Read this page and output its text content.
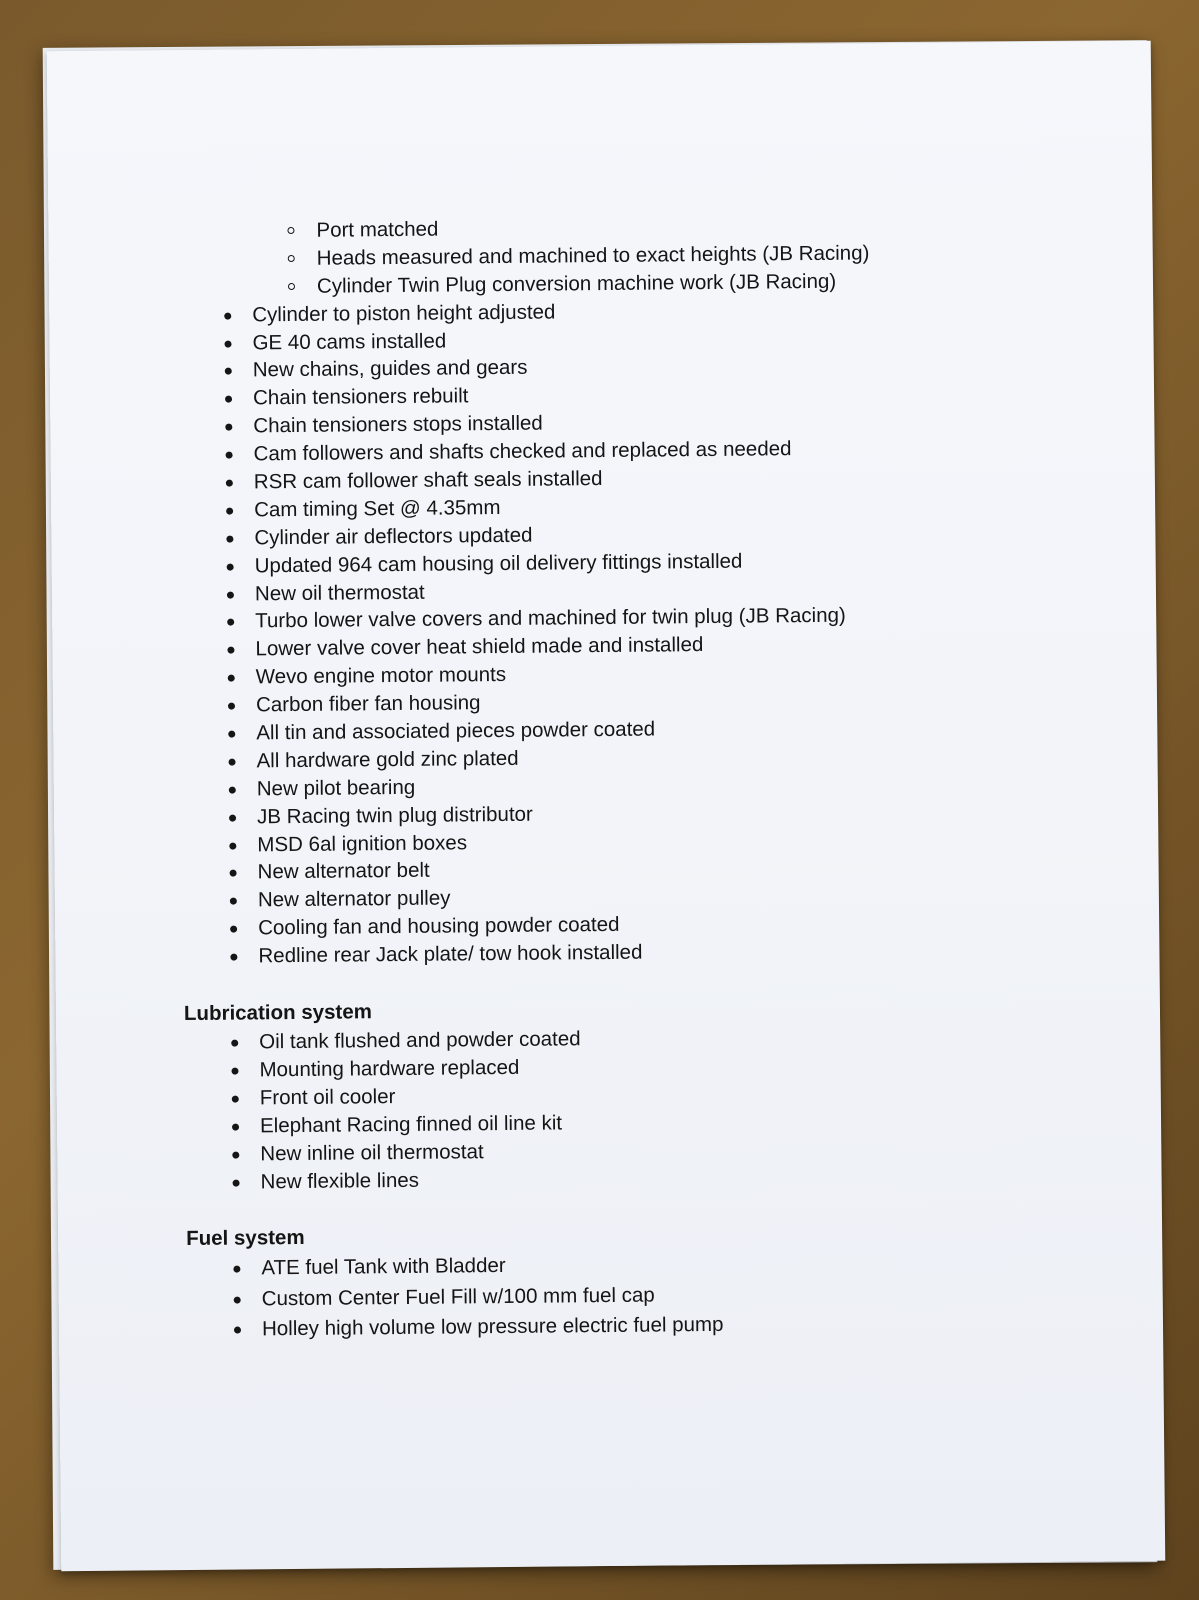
Port matched
Heads measured and machined to exact heights (JB Racing)
Cylinder Twin Plug conversion machine work (JB Racing)
Cylinder to piston height adjusted
GE 40 cams installed
New chains, guides and gears
Chain tensioners rebuilt
Chain tensioners stops installed
Cam followers and shafts checked and replaced as needed
RSR cam follower shaft seals installed
Cam timing Set @ 4.35mm
Cylinder air deflectors updated
Updated 964 cam housing oil delivery fittings installed
New oil thermostat
Turbo lower valve covers and machined for twin plug (JB Racing)
Lower valve cover heat shield made and installed
Wevo engine motor mounts
Carbon fiber fan housing
All tin and associated pieces powder coated
All hardware gold zinc plated
New pilot bearing
JB Racing twin plug distributor
MSD 6al ignition boxes
New alternator belt
New alternator pulley
Cooling fan and housing powder coated
Redline rear Jack plate/ tow hook installed
Lubrication system
Oil tank flushed and powder coated
Mounting hardware replaced
Front oil cooler
Elephant Racing finned oil line kit
New inline oil thermostat
New flexible lines
Fuel system
ATE fuel Tank with Bladder
Custom Center Fuel Fill w/100 mm fuel cap
Holley high volume low pressure electric fuel pump
